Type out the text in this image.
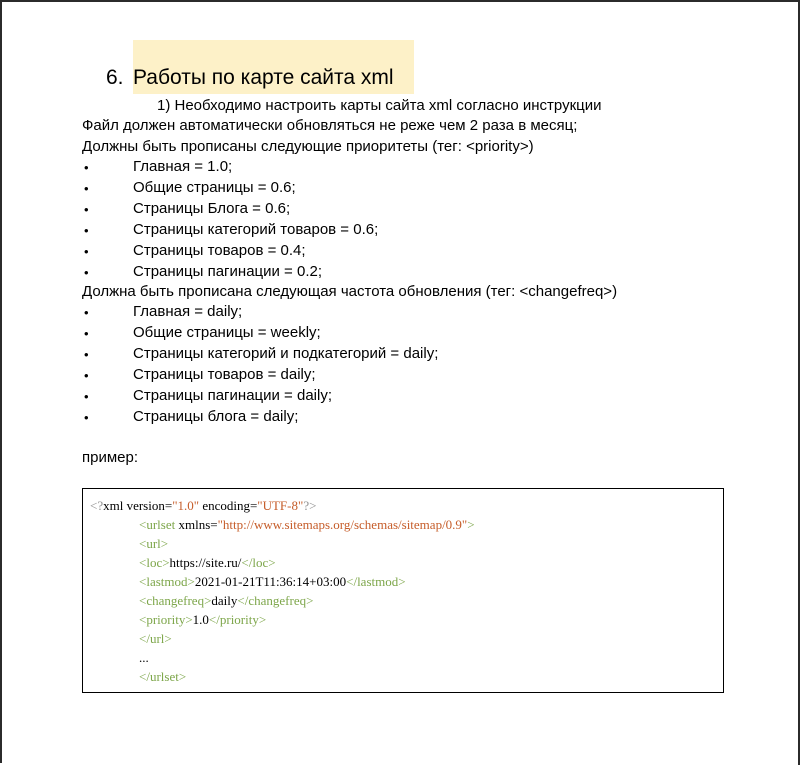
6. Работы по карте сайта xml
1) Необходимо настроить карты сайта xml согласно инструкции
Файл должен автоматически обновляться не реже чем 2 раза в месяц;
Должны быть прописаны следующие приоритеты (тег: <priority>)
•	Главная = 1.0;
•	Общие страницы = 0.6;
•	Страницы Блога = 0.6;
•	Страницы категорий товаров = 0.6;
•	Страницы товаров = 0.4;
•	Страницы пагинации = 0.2;
Должна быть прописана следующая частота обновления (тег: <changefreq>)
•	Главная = daily;
•	Общие страницы = weekly;
•	Страницы категорий и подкатегорий = daily;
•	Страницы товаров = daily;
•	Страницы пагинации = daily;
•	Страницы блога = daily;
пример:
<?xml version="1.0" encoding="UTF-8"?>
<urlset xmlns="http://www.sitemaps.org/schemas/sitemap/0.9">
<url>
<loc>https://site.ru/</loc>
<lastmod>2021-01-21T11:36:14+03:00</lastmod>
<changefreq>daily</changefreq>
<priority>1.0</priority>
</url>
...
</urlset>
